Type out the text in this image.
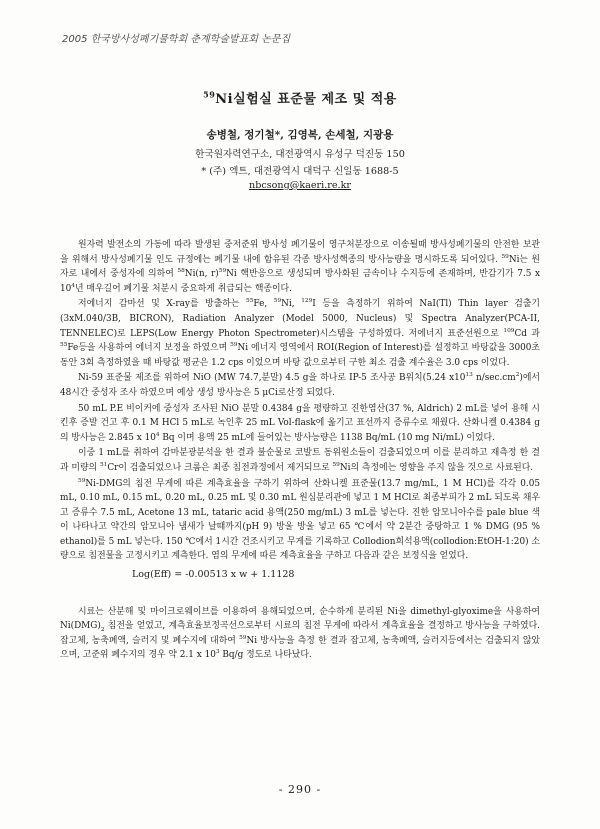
2005 한국방사성폐기물학회 춘계학술발표회 논문집
$^{59}$Ni실험실 표준물 제조 및 적용
송병철, 정기철*, 김영복, 손세철, 지광용
한국원자력연구소, 대전광역시 유성구 덕진동 150
* (주) 엑트, 대전광역시 대덕구 신일동 1688-5
nbcsong@kaeri.re.kr

원자력 발전소의 가동에 따라 발생된 중저준위 방사성 폐기물이 영구처분장으로 이송될때 방사성폐기물의 안전한 보관을 위해서 방사성폐기물 인도 규정에는 폐기물 내에 함유된 각종 방사성핵종의 방사능량을 명시하도록 되어있다. $^{59}$Ni는 원자로 내에서 중성자에 의하여 $^{58}$Ni(n, r)$^{59}$Ni 핵반응으로 생성되며 방사화된 금속이나 수지등에 존재하며, 반감기가 7.5 x $10^4$년 매우길어 폐기물 처분시 중요하게 취급되는 핵종이다.

저에너지 감마선 및 X-ray를 방출하는 $^{55}$Fe, $^{59}$Ni, $^{129}$I 등을 측정하기 위하여 NaI(Tl) Thin layer 검출기(3xM.040/3B, BICRON), Radiation Analyzer (Model 5000, Nucleus) 및 Spectra Analyzer(PCA-II, TENNELEC)로 LEPS(Low Energy Photon Spectrometer)시스템을 구성하였다. 저에너지 표준선원으로 $^{109}$Cd 과 $^{55}$Fe등을 사용하여 에너지 보정을 하였으며 $^{59}$Ni 에너지 영역에서 ROI(Region of Interest)를 설정하고 바탕값을 3000초 동안 3회 측정하였을 때 바탕값 평균은 1.2 cps 이었으며 바탕 값으로부터 구한 최소 검출 계수율은 3.0 cps 이었다.

Ni-59 표준물 제조를 위하여 NiO (MW 74.7,분말) 4.5 g을 하나로 IP-5 조사공 B위치(5.24 $x10^{13}$ $n/\sec.cm^2$)에서 48시간 중성자 조사 하였으며 예상 생성 방사능은 5 μCi로산정 되었다.

50 mL P.E 비이커에 중성자 조사된 NiO 분말 0.4384 g을 평량하고 진한염산(37 %, Aldrich) 2 mL를 넣어 용해 시킨후 증발 건고 후 0.1 M HCl 5 mL로 녹인후 25 mL Vol-flask에 옮기고 표선까지 증류수로 채웠다. 산화니켈 0.4384 g의 방사능은 2.845 x $10^4$ Bq 이며 용액 25 mL에 들어있는 방사능량은 1138 Bq/mL (10 mg Ni/mL) 이었다.

이중 1 mL를 취하여 감마분광분석을 한 결과 불순물로 코발트 동위원소들이 검출되었으며 이를 분리하고 재측정 한 결과 미량의 $^{51}$Cr이 검출되었으나 크롬은 최종 침전과정에서 제거되므로 $^{59}$Ni의 측정에는 영향을 주지 않을 것으로 사료된다.

$^{59}$Ni-DMG의 침전 무게에 따른 계측효율을 구하기 위하여 산화니켈 표준물(13.7 mg/mL, 1 M HCl)를 각각 0.05 mL, 0.10 mL, 0.15 mL, 0.20 mL, 0.25 mL 및 0.30 mL 원심분리관에 넣고 1 M HCl로 최종부피가 2 mL 되도록 채우고 증류수 7.5 mL, Acetone 13 mL, tataric acid 용액(250 mg/mL) 3 mL를 넣는다. 진한 암모니아수를 pale blue 색이 나타나고 약간의 암모니아 냄새가 날때까지(pH 9) 방울 방울 넣고 65 ℃에서 약 2분간 중탕하고 1 % DMG (95 % ethanol)를 5 mL 넣는다. 150 ℃에서 1시간 건조시키고 무게를 기록하고 Collodion희석용액(collodion:EtOH-1:20) 소량으로 침전물을 고정시키고 계측한다. 염의 무게에 따른 계측효율을 구하고 다음과 같은 보정식을 얻었다.

Log(Eff) = -0.00513 x w + 1.1128

시료는 산분해 및 마이크로웨이브를 이용하여 용해되었으며, 순수하게 분리된 Ni을 dimethyl-glyoxime을 사용하여 $Ni(DMG)_2$ 침전을 얻었고, 계측효율보정곡선으로부터 시료의 침전 무게에 따라서 계측효율을 결정하고 방사능을 구하였다. 잡고체, 농축폐액, 슬러지 및 폐수지에 대하여 $^{59}$Ni 방사능을 측정 한 결과 잡고체, 농축폐액, 슬러지등에서는 검출되지 않았으며, 고준위 폐수지의 경우 약 2.1 x $10^3$ Bq/g 정도로 나타났다.

- 290 -
